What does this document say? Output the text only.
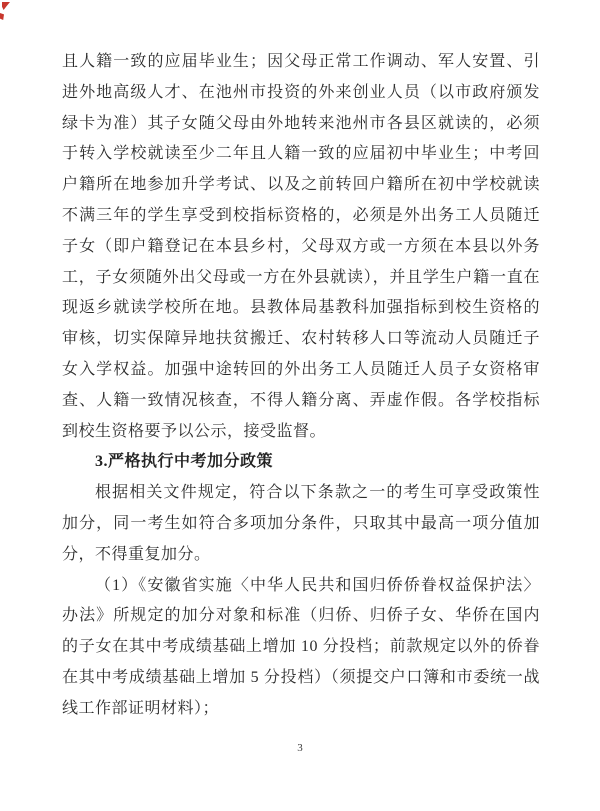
且人籍一致的应届毕业生；因父母正常工作调动、军人安置、引
进外地高级人才、在池州市投资的外来创业人员（以市政府颁发
绿卡为准）其子女随父母由外地转来池州市各县区就读的，必须
于转入学校就读至少二年且人籍一致的应届初中毕业生；中考回
户籍所在地参加升学考试、以及之前转回户籍所在初中学校就读
不满三年的学生享受到校指标资格的，必须是外出务工人员随迁
子女（即户籍登记在本县乡村，父母双方或一方须在本县以外务
工，子女须随外出父母或一方在外县就读），并且学生户籍一直在
现返乡就读学校所在地。县教体局基教科加强指标到校生资格的
审核，切实保障异地扶贫搬迁、农村转移人口等流动人员随迁子
女入学权益。加强中途转回的外出务工人员随迁人员子女资格审
查、人籍一致情况核查，不得人籍分离、弄虚作假。各学校指标
到校生资格要予以公示，接受监督。
3.严格执行中考加分政策
根据相关文件规定，符合以下条款之一的考生可享受政策性
加分，同一考生如符合多项加分条件，只取其中最高一项分值加
分，不得重复加分。
（1）《安徽省实施〈中华人民共和国归侨侨眷权益保护法〉
办法》所规定的加分对象和标准（归侨、归侨子女、华侨在国内
的子女在其中考成绩基础上增加 10 分投档；前款规定以外的侨眷
在其中考成绩基础上增加 5 分投档）（须提交户口簿和市委统一战
线工作部证明材料）；
3
